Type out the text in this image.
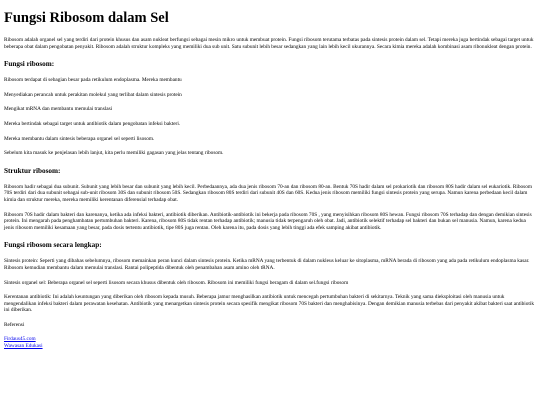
Fungsi Ribosom dalam Sel

Ribosom adalah organel sel yang terdiri dari protein khusus dan asam nukleat berfungsi sebagai mesin mikro untuk membuat protein. Fungsi ribosom terutama terbatas pada sintesis protein dalam sel. Tetapi mereka juga bertindak sebagai target untuk beberapa obat dalam pengobatan penyakit. Ribosom adalah struktur kompleks yang memiliki dua sub unit. Satu subunit lebih besar sedangkan yang lain lebih kecil ukurannya. Secara kimia mereka adalah kombinasi asam ribonukleat dengan protein.

Fungsi ribosom:

Ribosom terdapat di sebagian besar pada retikulum endoplasma. Mereka membantu

Menyediakan perancah untuk perakitan molekul yang terlibat dalam sintesis protein

Mengikat mRNA dan membantu memulai translasi

Mereka bertindak sebagai target untuk antibiotik dalam pengobatan infeksi bakteri.

Mereka membantu dalam sintesis beberapa organel sel seperti lisosom.

Sebelum kita masuk ke penjelasan lebih lanjut, kita perlu memiliki gagasan yang jelas tentang ribosom.

Struktur ribosom:

Ribosom hadir sebagai dua subunit. Subunit yang lebih besar dan subunit yang lebih kecil. Perbedaannya, ada dua jenis ribosom 70-an dan ribosom 80-an. Bentuk 70S hadir dalam sel prokariotik dan ribosom 80S hadir dalam sel eukariotik. Ribosom 70S terdiri dari dua subunit sebagai sub-unit ribosom 30S dan subunit ribosom 50S. Sedangkan ribosom 80S terdiri dari subunit 40S dan 60S. Kedua jenis ribosom memiliki fungsi sintesis protein yang serupa. Namun karena perbedaan kecil dalam kimia dan struktur mereka, mereka memiliki kerentanan diferensial terhadap obat.

Ribosom 70S hadir dalam bakteri dan karenanya, ketika ada infeksi bakteri, antibiotik diberikan. Antibiotik-antibiotik ini bekerja pada ribosom 70S , yang menyisihkan ribosom 80S hewan. Fungsi ribosom 70S terhadap dan dengan demikian sintesis protein. Ini mengarah pada penghambatan pertumbuhan bakteri. Karena, ribosom 80S tidak rentan terhadap antibiotik; manusia tidak terpengaruh oleh obat. Jadi, antibiotik selektif terhadap sel bakteri dan bukan sel manusia. Namun, karena kedua jenis ribosom memiliki kesamaan yang besar, pada dosis tertentu antibiotik, tipe 80S juga rentan. Oleh karena itu, pada dosis yang lebih tinggi ada efek samping akibat antibiotik.

Fungsi ribosom secara lengkap:

Sintesis protein: Seperti yang dibahas sebelumnya, ribosom memainkan peran kunci dalam sintesis protein. Ketika mRNA yang terbentuk di dalam nukleus keluar ke sitoplasma, mRNA berada di ribosom yang ada pada retikulum endoplasma kasar. Ribosom kemudian membantu dalam memulai translasi. Rantai polipeptida dibentuk oleh penambahan asam amino oleh tRNA.

Sintesis organel sel: Beberapa organel sel seperti lisosom secara khusus dibentuk oleh ribosom. Ribosom ini memiliki fungsi beragam di dalam sel.fungsi ribosom

Kerentanan antibiotik: Ini adalah keuntungan yang diberikan oleh ribosom kepada musuh. Beberapa jamur menghasilkan antibiotik untuk mencegah pertumbuhan bakteri di sekitarnya. Teknik yang sama dieksploitasi oleh manusia untuk mengendalikan infeksi bakteri dalam perawatan kesehatan. Antibiotik yang menargetkan sintesis protein secara spesifik mengikat ribosom 70S bakteri dan menghabisinya. Dengan demikian manusia terbebas dari penyakit akibat bakteri saat antibiotik ini diberikan.

Referensi
Firdaus45.com
Wawasan Edukasi
